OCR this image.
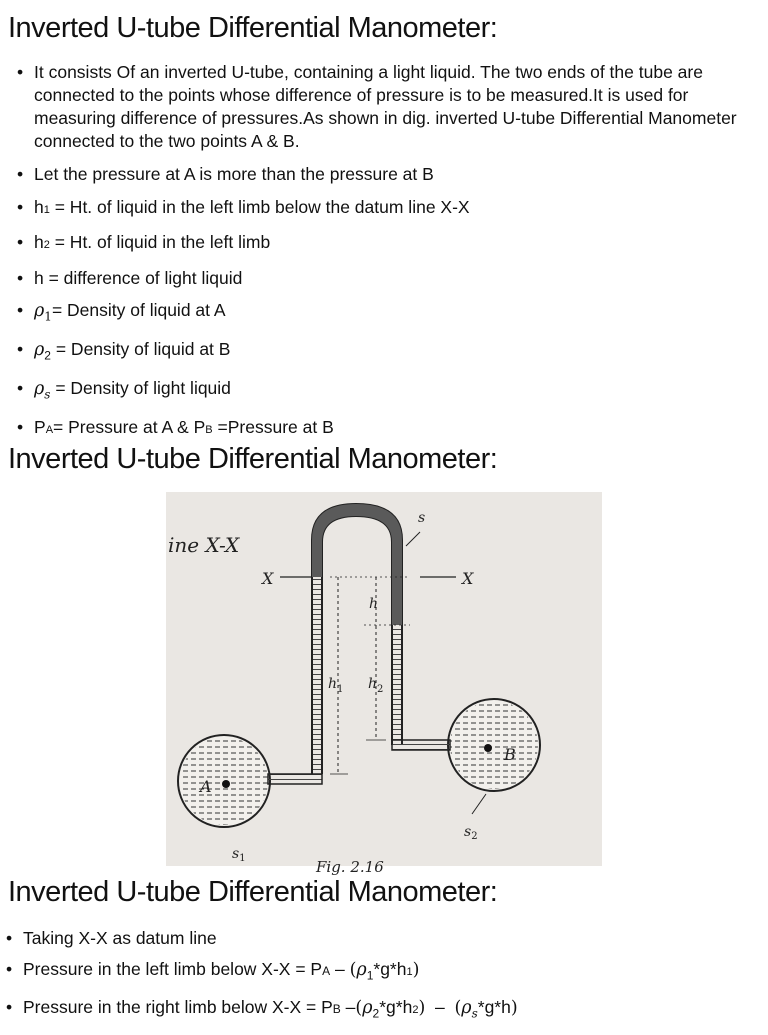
Inverted U-tube Differential Manometer:
• It consists Of an inverted U-tube, containing a light liquid. The two ends of the tube are connected to the points whose difference of pressure is to be measured.It is used for measuring difference of pressures.As shown in dig. inverted U-tube Differential Manometer connected to the two points A & B.
• Let the pressure at A is more than the pressure at B
• h1 = Ht. of liquid in the left limb below the datum line X-X
• h2 = Ht. of liquid in the left limb
• h = difference of light liquid
• $\rho_1=$ Density of liquid at A
• $\rho_2$ = Density of liquid at B
• $\rho_s$ = Density of light liquid
• PA= Pressure at A & PB =Pressure at B
Inverted U-tube Differential Manometer:
ine X-X
X	X
s
h
$h_1$ $h_2$
A
B
$s_1$
$s_2$
Fig. 2.16
Inverted U-tube Differential Manometer:
• Taking X-X as datum line
• Pressure in the left limb below X-X = PA – $(\rho_1*g*h1)$
• Pressure in the right limb below X-X = PB $-(\rho_2*g*h2) - (\rho_s*g*h)$
